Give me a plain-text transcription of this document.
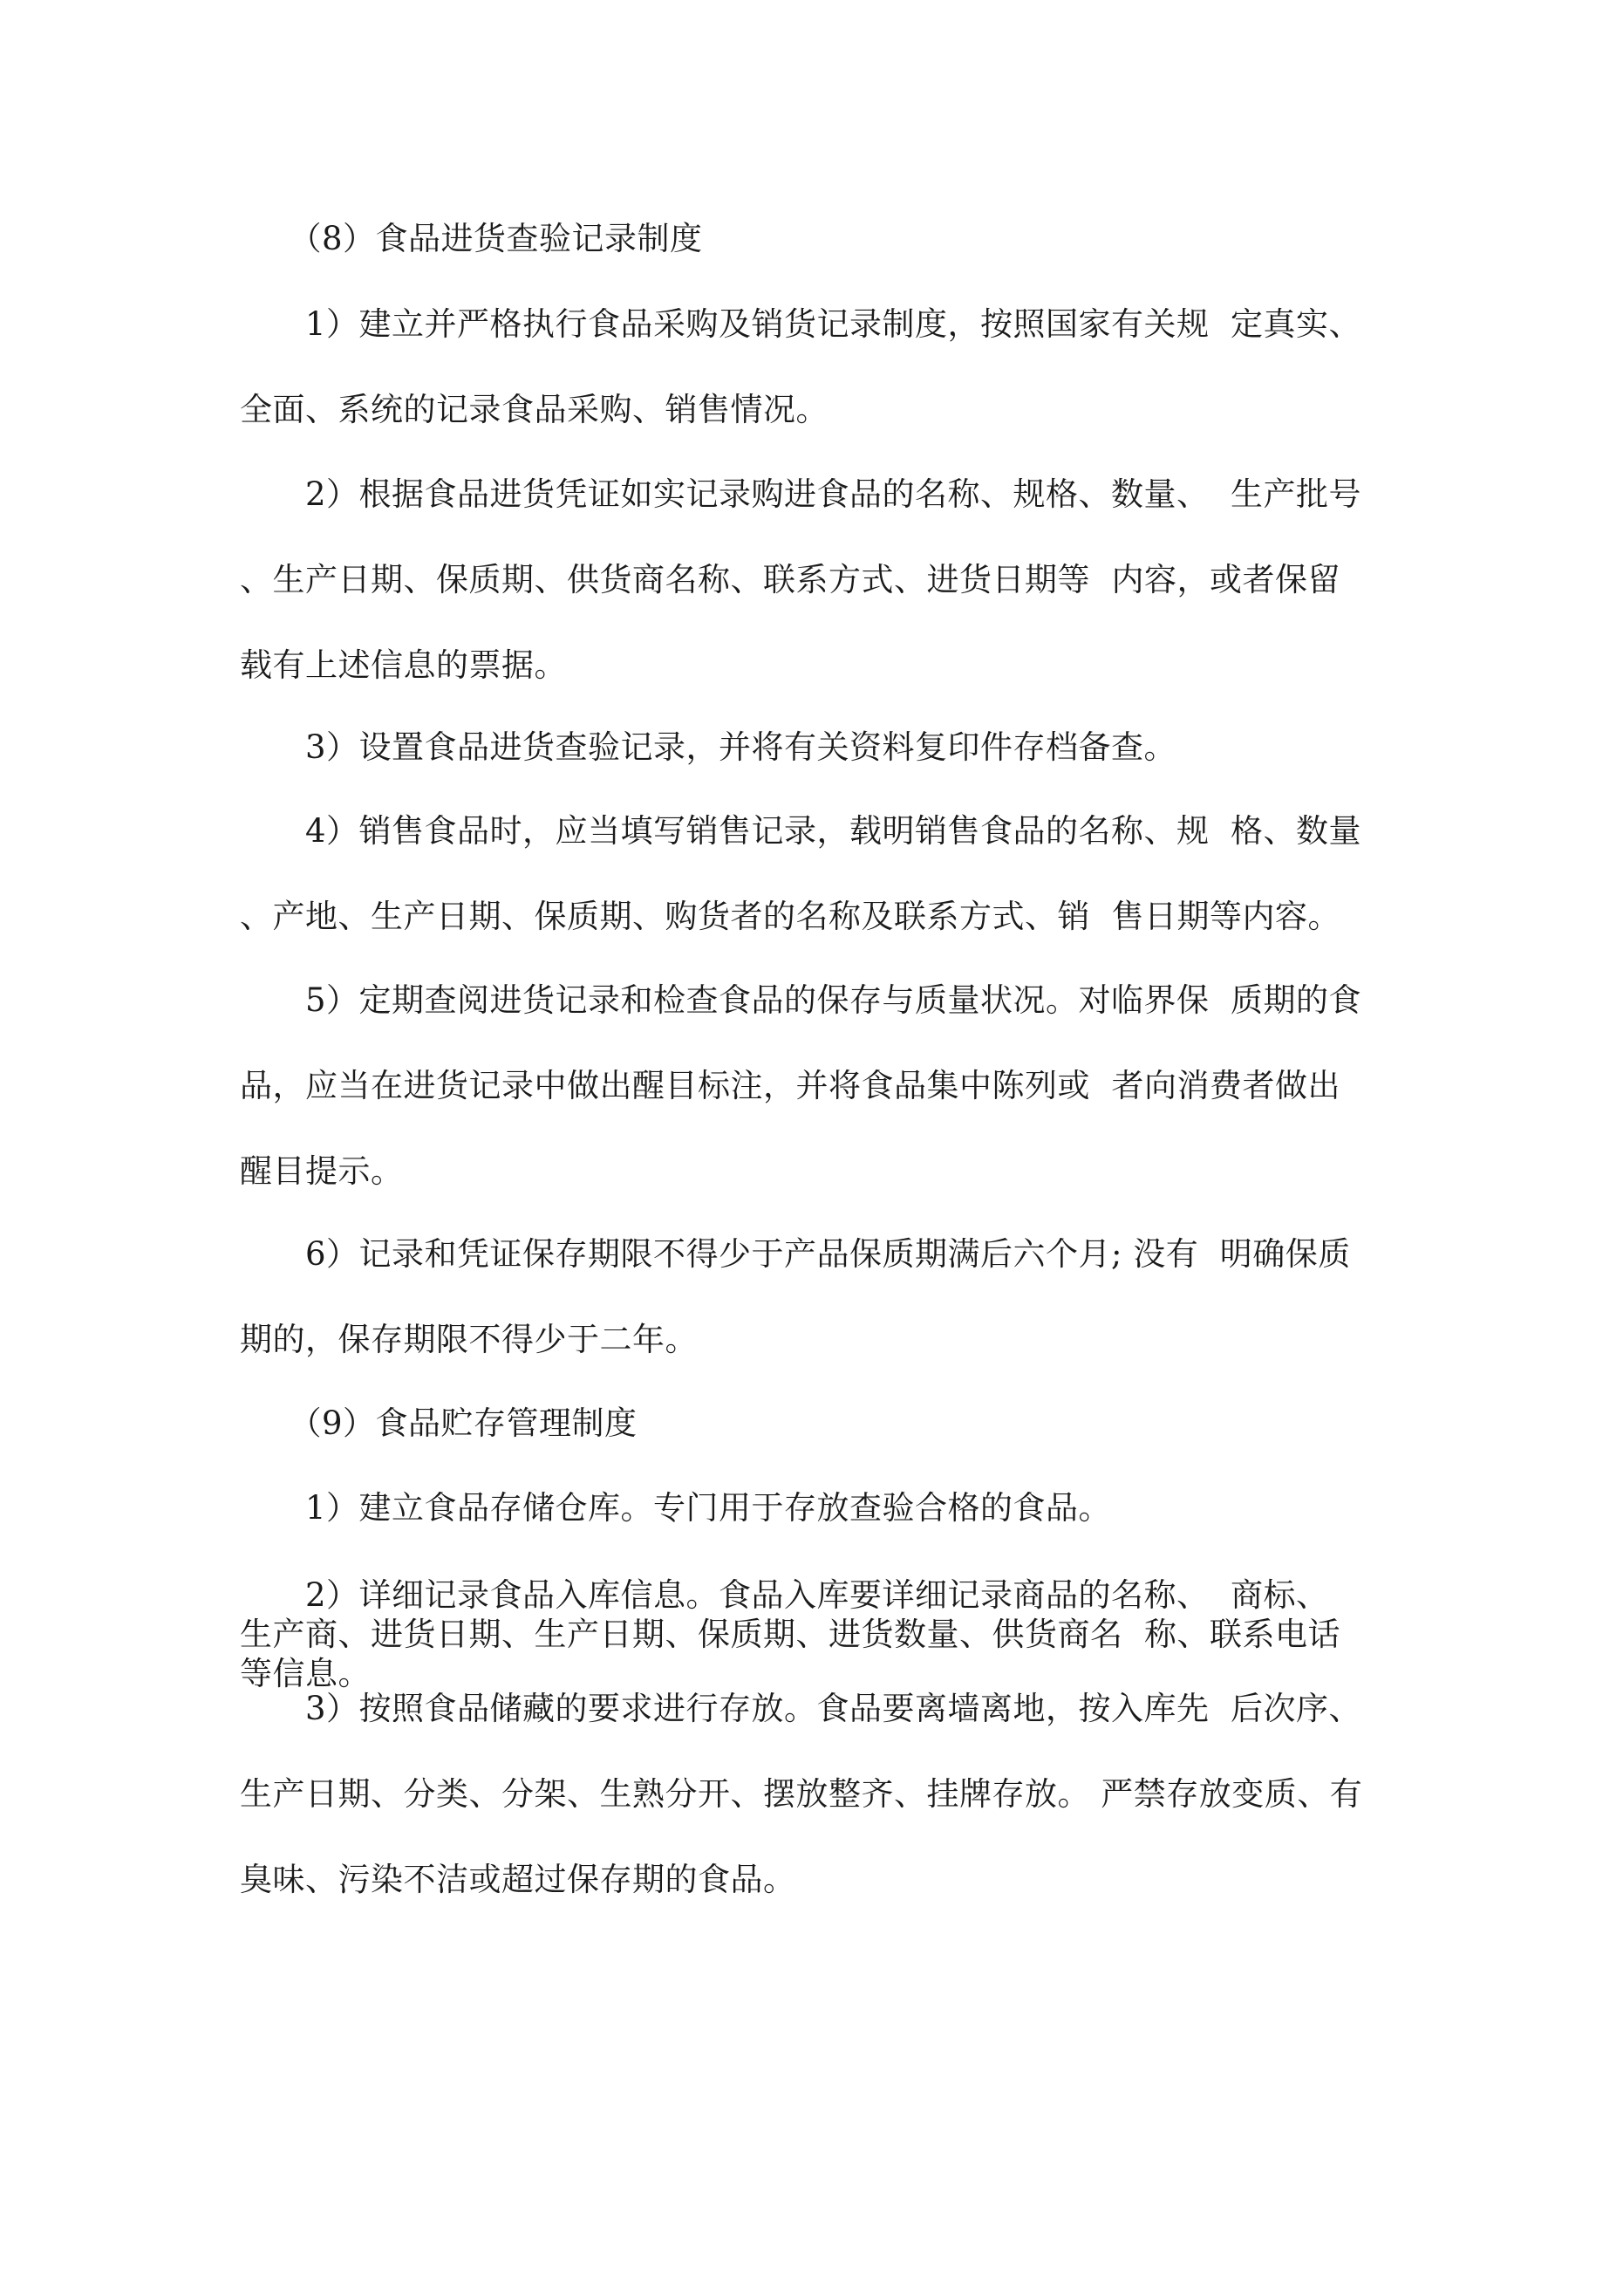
　　（8）食品进货查验记录制度

　　1）建立并严格执行食品采购及销货记录制度，按照国家有关规  定真实、
全面、系统的记录食品采购、销售情况。

　　2）根据食品进货凭证如实记录购进食品的名称、规格、数量、  生产批号
、生产日期、保质期、供货商名称、联系方式、进货日期等  内容，或者保留
载有上述信息的票据。

　　3）设置食品进货查验记录，并将有关资料复印件存档备查。

　　4）销售食品时，应当填写销售记录，载明销售食品的名称、规  格、数量
、产地、生产日期、保质期、购货者的名称及联系方式、销  售日期等内容。

　　5）定期查阅进货记录和检查食品的保存与质量状况。对临界保  质期的食
品，应当在进货记录中做出醒目标注，并将食品集中陈列或  者向消费者做出
醒目提示。

　　6）记录和凭证保存期限不得少于产品保质期满后六个月; 没有  明确保质
期的，保存期限不得少于二年。

　　（9）食品贮存管理制度

　　1）建立食品存储仓库。专门用于存放查验合格的食品。

　　2）详细记录食品入库信息。食品入库要详细记录商品的名称、  商标、
生产商、进货日期、生产日期、保质期、进货数量、供货商名  称、联系电话
等信息。

　　3）按照食品储藏的要求进行存放。食品要离墙离地，按入库先  后次序、
生产日期、分类、分架、生熟分开、摆放整齐、挂牌存放。 严禁存放变质、有
臭味、污染不洁或超过保存期的食品。
